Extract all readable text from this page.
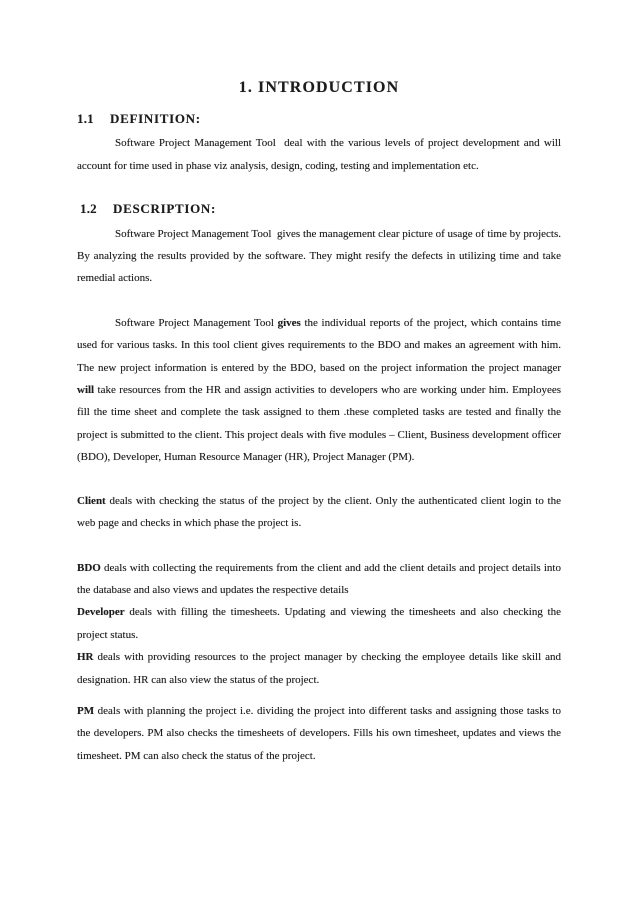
1. INTRODUCTION
1.1 DEFINITION:

Software Project Management Tool  deal with the various levels of project development and will account for time used in phase viz analysis, design, coding, testing and implementation etc.

1.2 DESCRIPTION:

Software Project Management Tool  gives the management clear picture of usage of time by projects. By analyzing the results provided by the software. They might resify the defects in utilizing time and take remedial actions.

Software Project Management Tool gives the individual reports of the project, which contains time used for various tasks. In this tool client gives requirements to the BDO and makes an agreement with him. The new project information is entered by the BDO, based on the project information the project manager will take resources from the HR and assign activities to developers who are working under him. Employees fill the time sheet and complete the task assigned to them .these completed tasks are tested and finally the project is submitted to the client. This project deals with five modules – Client, Business development officer (BDO), Developer, Human Resource Manager (HR), Project Manager (PM).

Client deals with checking the status of the project by the client. Only the authenticated client login to the web page and checks in which phase the project is.

BDO deals with collecting the requirements from the client and add the client details and project details into the database and also views and updates the respective details

Developer deals with filling the timesheets. Updating and viewing the timesheets and also checking the project status.

HR deals with providing resources to the project manager by checking the employee details like skill and designation. HR can also view the status of the project.

PM deals with planning the project i.e. dividing the project into different tasks and assigning those tasks to the developers. PM also checks the timesheets of developers. Fills his own timesheet, updates and views the timesheet. PM can also check the status of the project.
